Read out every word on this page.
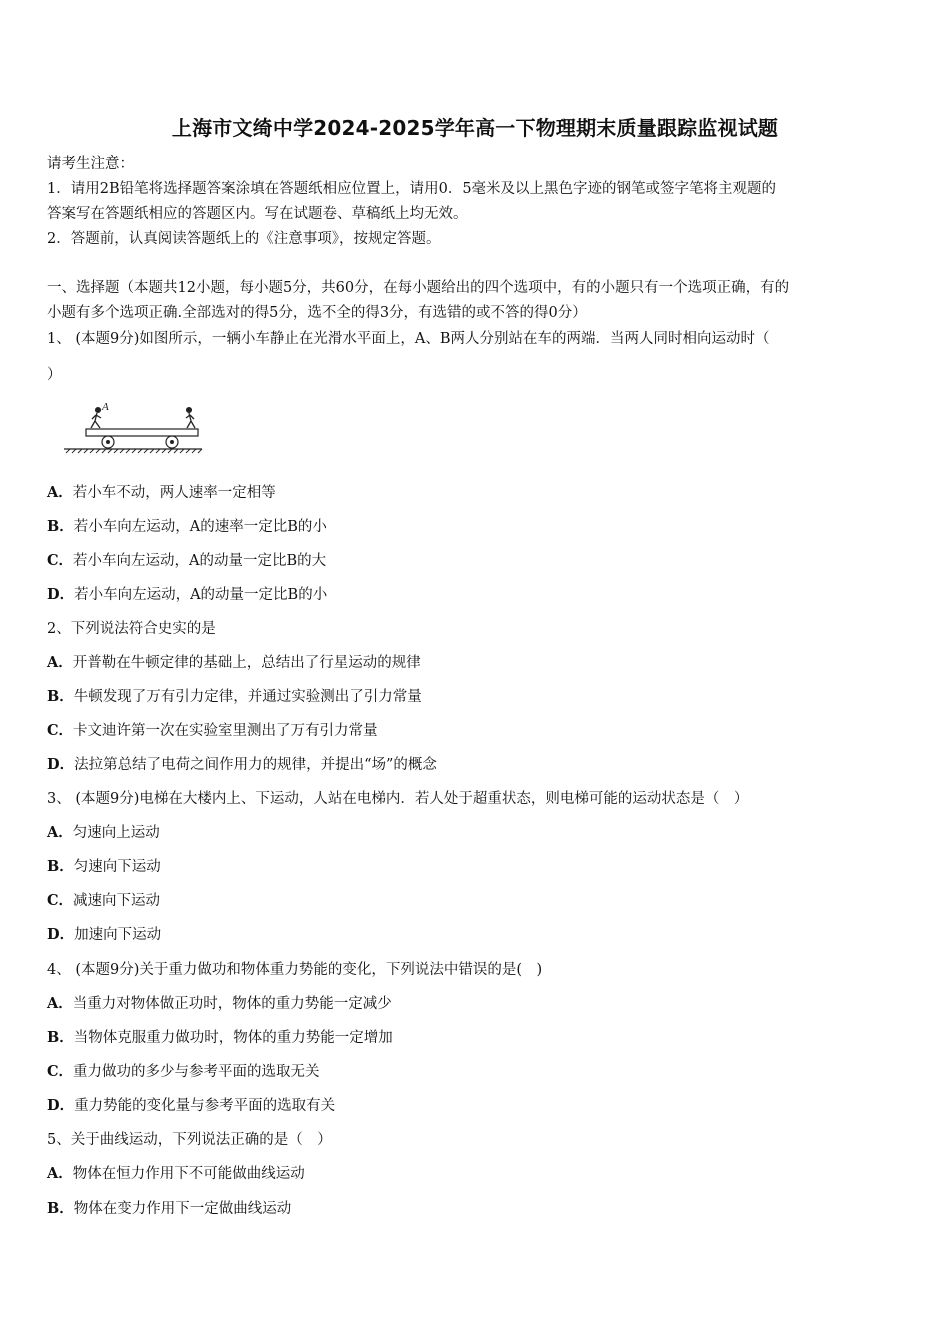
上海市文绮中学2024-2025学年高一下物理期末质量跟踪监视试题
请考生注意：
1．请用2B铅笔将选择题答案涂填在答题纸相应位置上，请用0．5毫米及以上黑色字迹的钢笔或签字笔将主观题的
答案写在答题纸相应的答题区内。写在试题卷、草稿纸上均无效。
2．答题前，认真阅读答题纸上的《注意事项》，按规定答题。
一、选择题（本题共12小题，每小题5分，共60分，在每小题给出的四个选项中，有的小题只有一个选项正确，有的
小题有多个选项正确.全部选对的得5分，选不全的得3分，有选错的或不答的得0分）
1、 (本题9分)如图所示，一辆小车静止在光滑水平面上，A、B两人分别站在车的两端．当两人同时相向运动时（
）
A
A．若小车不动，两人速率一定相等
B．若小车向左运动，A的速率一定比B的小
C．若小车向左运动，A的动量一定比B的大
D．若小车向左运动，A的动量一定比B的小
2、下列说法符合史实的是
A．开普勒在牛顿定律的基础上，总结出了行星运动的规律
B．牛顿发现了万有引力定律，并通过实验测出了引力常量
C．卡文迪许第一次在实验室里测出了万有引力常量
D．法拉第总结了电荷之间作用力的规律，并提出“场”的概念
3、 (本题9分)电梯在大楼内上、下运动，人站在电梯内．若人处于超重状态，则电梯可能的运动状态是（　）
A．匀速向上运动
B．匀速向下运动
C．减速向下运动
D．加速向下运动
4、 (本题9分)关于重力做功和物体重力势能的变化，下列说法中错误的是(　)
A．当重力对物体做正功时，物体的重力势能一定减少
B．当物体克服重力做功时，物体的重力势能一定增加
C．重力做功的多少与参考平面的选取无关
D．重力势能的变化量与参考平面的选取有关
5、关于曲线运动，下列说法正确的是（　）
A．物体在恒力作用下不可能做曲线运动
B．物体在变力作用下一定做曲线运动
